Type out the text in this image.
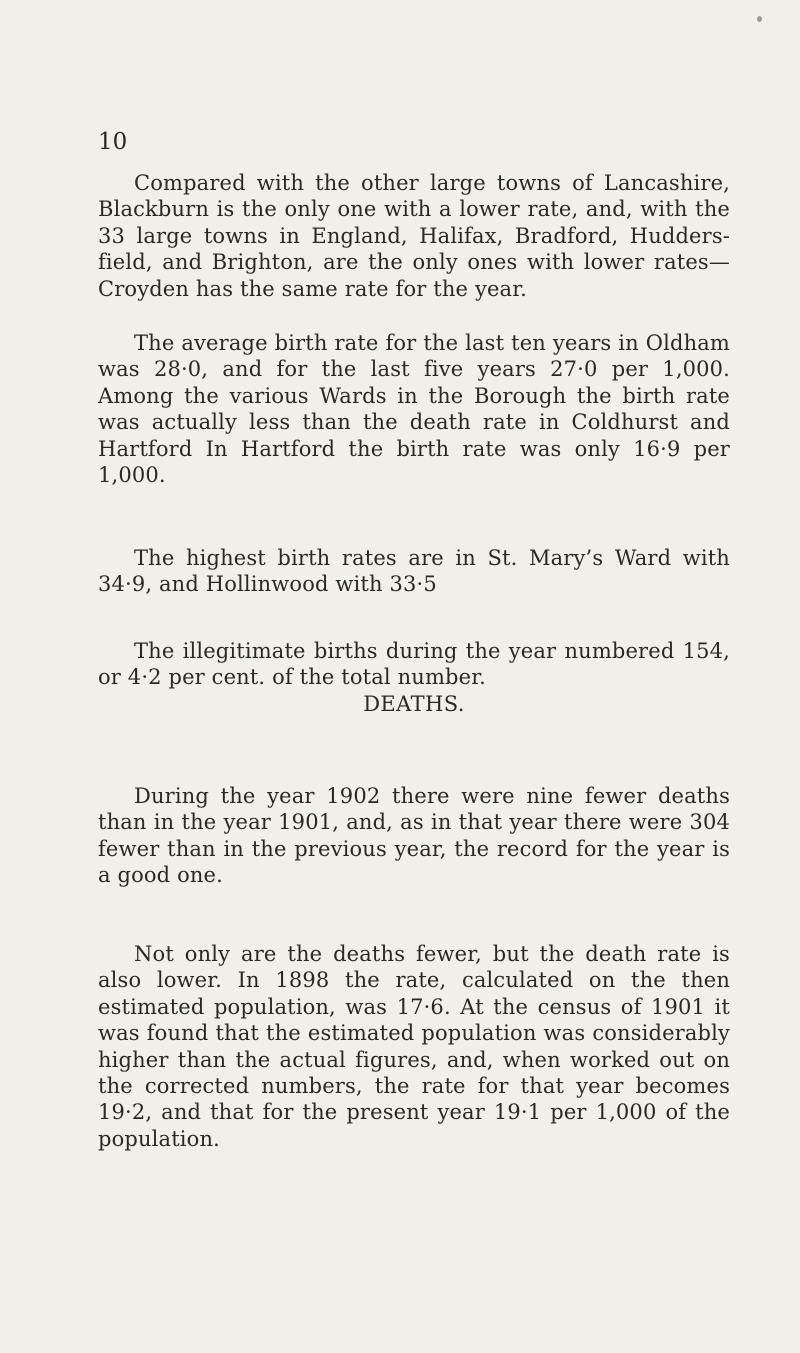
10

Compared with the other large towns of Lancashire, Blackburn is the only one with a lower rate, and, with the 33 large towns in England, Halifax, Bradford, Hudders-field, and Brighton, are the only ones with lower rates— Croyden has the same rate for the year.

The average birth rate for the last ten years in Oldham was 28·0, and for the last five years 27·0 per 1,000. Among the various Wards in the Borough the birth rate was actually less than the death rate in Coldhurst and Hartford In Hartford the birth rate was only 16·9 per 1,000.

The highest birth rates are in St. Mary’s Ward with 34·9, and Hollinwood with 33·5

The illegitimate births during the year numbered 154, or 4·2 per cent. of the total number.

DEATHS.

During the year 1902 there were nine fewer deaths than in the year 1901, and, as in that year there were 304 fewer than in the previous year, the record for the year is a good one.

Not only are the deaths fewer, but the death rate is also lower. In 1898 the rate, calculated on the then estimated population, was 17·6. At the census of 1901 it was found that the estimated population was considerably higher than the actual figures, and, when worked out on the corrected numbers, the rate for that year becomes 19·2, and that for the present year 19·1 per 1,000 of the population.
